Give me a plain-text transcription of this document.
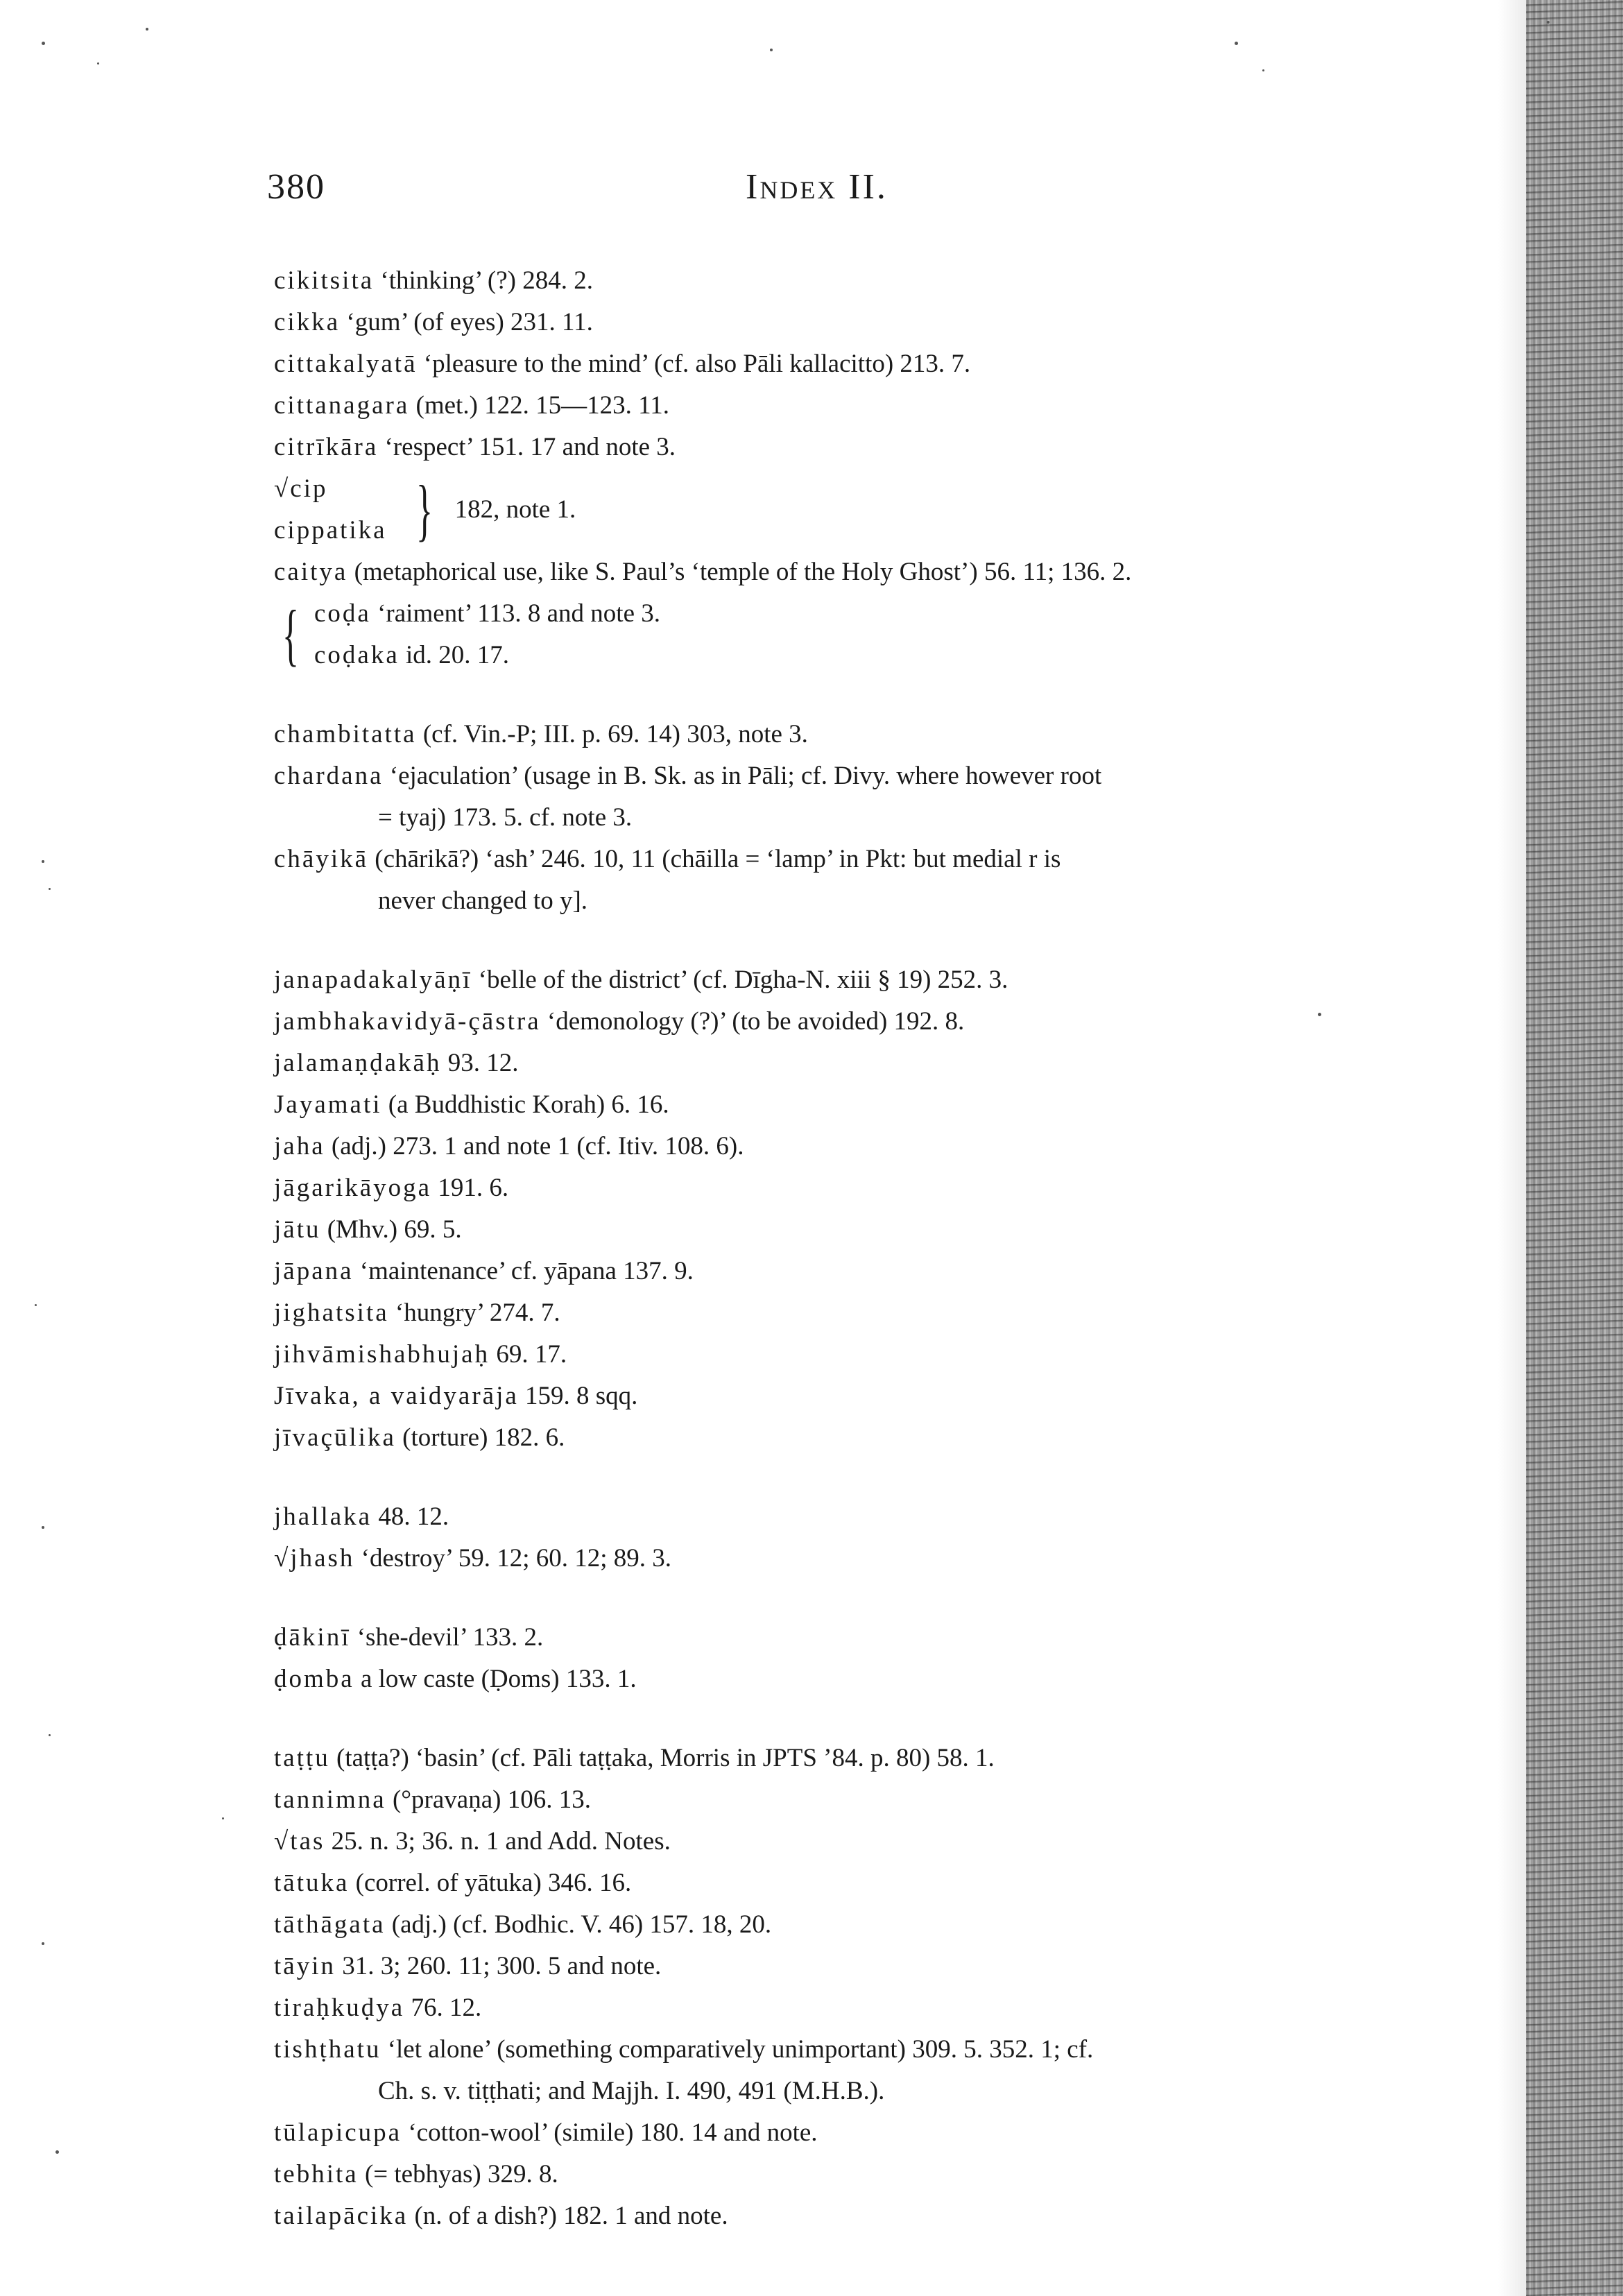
380	Index II.
cikitsita ‘thinking’ (?) 284. 2.
cikka ‘gum’ (of eyes) 231. 11.
cittakalyatā ‘pleasure to the mind’ (cf. also Pāli kallacitto) 213. 7.
cittanagara (met.) 122. 15—123. 11.
citrīkāra ‘respect’ 151. 17 and note 3.
√cip
cippatika } 182, note 1.
caitya (metaphorical use, like S. Paul’s ‘temple of the Holy Ghost’) 56. 11; 136. 2.
{ coḍa ‘raiment’ 113. 8 and note 3.
coḍaka id. 20. 17.
chambitatta (cf. Vin.-P; III. p. 69. 14) 303, note 3.
chardana ‘ejaculation’ (usage in B. Sk. as in Pāli; cf. Divy. where however root
= tyaj) 173. 5. cf. note 3.
chāyikā (chārikā?) ‘ash’ 246. 10, 11 (chāilla = ‘lamp’ in Pkt: but medial r is
never changed to y].
janapadakalyāṇī ‘belle of the district’ (cf. Dīgha-N. xiii § 19) 252. 3.
jambhakavidyā-çāstra ‘demonology (?)’ (to be avoided) 192. 8.
jalamaṇḍakāḥ 93. 12.
Jayamati (a Buddhistic Korah) 6. 16.
jaha (adj.) 273. 1 and note 1 (cf. Itiv. 108. 6).
jāgarikāyoga 191. 6.
jātu (Mhv.) 69. 5.
jāpana ‘maintenance’ cf. yāpana 137. 9.
jighatsita ‘hungry’ 274. 7.
jihvāmishabhujaḥ 69. 17.
Jīvaka, a vaidyarāja 159. 8 sqq.
jīvaçūlika (torture) 182. 6.
jhallaka 48. 12.
√jhash ‘destroy’ 59. 12; 60. 12; 89. 3.
ḍākinī ‘she-devil’ 133. 2.
ḍomba a low caste (Ḍoms) 133. 1.
taṭṭu (taṭṭa?) ‘basin’ (cf. Pāli taṭṭaka, Morris in JPTS ’84. p. 80) 58. 1.
tannimna (°pravaṇa) 106. 13.
√tas 25. n. 3; 36. n. 1 and Add. Notes.
tātuka (correl. of yātuka) 346. 16.
tāthāgata (adj.) (cf. Bodhic. V. 46) 157. 18, 20.
tāyin 31. 3; 260. 11; 300. 5 and note.
tiraḥkuḍya 76. 12.
tishṭhatu ‘let alone’ (something comparatively unimportant) 309. 5. 352. 1; cf.
Ch. s. v. tiṭṭhati; and Majjh. I. 490, 491 (M.H.B.).
tūlapicupa ‘cotton-wool’ (simile) 180. 14 and note.
tebhita (= tebhyas) 329. 8.
tailapācika (n. of a dish?) 182. 1 and note.
